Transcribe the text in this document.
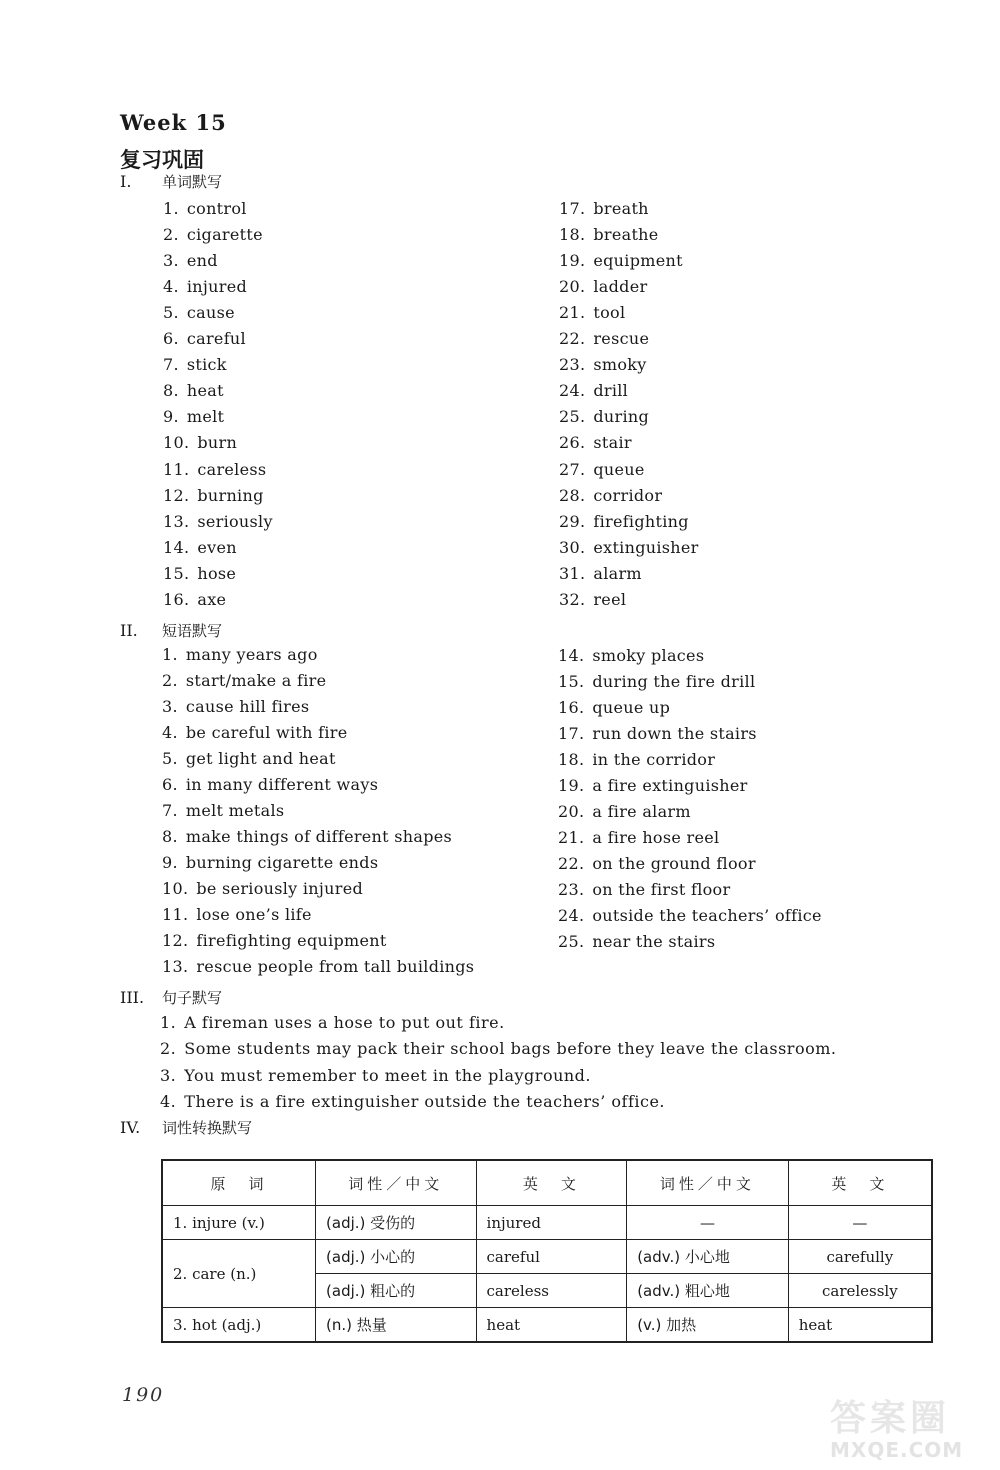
Week 15
复习巩固
I. 单词默写
1. control
2. cigarette
3. end
4. injured
5. cause
6. careful
7. stick
8. heat
9. melt
10. burn
11. careless
12. burning
13. seriously
14. even
15. hose
16. axe
17. breath
18. breathe
19. equipment
20. ladder
21. tool
22. rescue
23. smoky
24. drill
25. during
26. stair
27. queue
28. corridor
29. firefighting
30. extinguisher
31. alarm
32. reel
II. 短语默写
1. many years ago
2. start/make a fire
3. cause hill fires
4. be careful with fire
5. get light and heat
6. in many different ways
7. melt metals
8. make things of different shapes
9. burning cigarette ends
10. be seriously injured
11. lose one’s life
12. firefighting equipment
13. rescue people from tall buildings
14. smoky places
15. during the fire drill
16. queue up
17. run down the stairs
18. in the corridor
19. a fire extinguisher
20. a fire alarm
21. a fire hose reel
22. on the ground floor
23. on the first floor
24. outside the teachers’ office
25. near the stairs
III. 句子默写
1. A fireman uses a hose to put out fire.
2. Some students may pack their school bags before they leave the classroom.
3. You must remember to meet in the playground.
4. There is a fire extinguisher outside the teachers’ office.
IV. 词性转换默写
原　词	词性／中文	英　文	词性／中文	英　文
1. injure (v.)	(adj.) 受伤的	injured	—	—
2. care (n.)	(adj.) 小心的	careful	(adv.) 小心地	carefully
	(adj.) 粗心的	careless	(adv.) 粗心地	carelessly
3. hot (adj.)	(n.) 热量	heat	(v.) 加热	heat
190
答案圈
MXQE.COM
